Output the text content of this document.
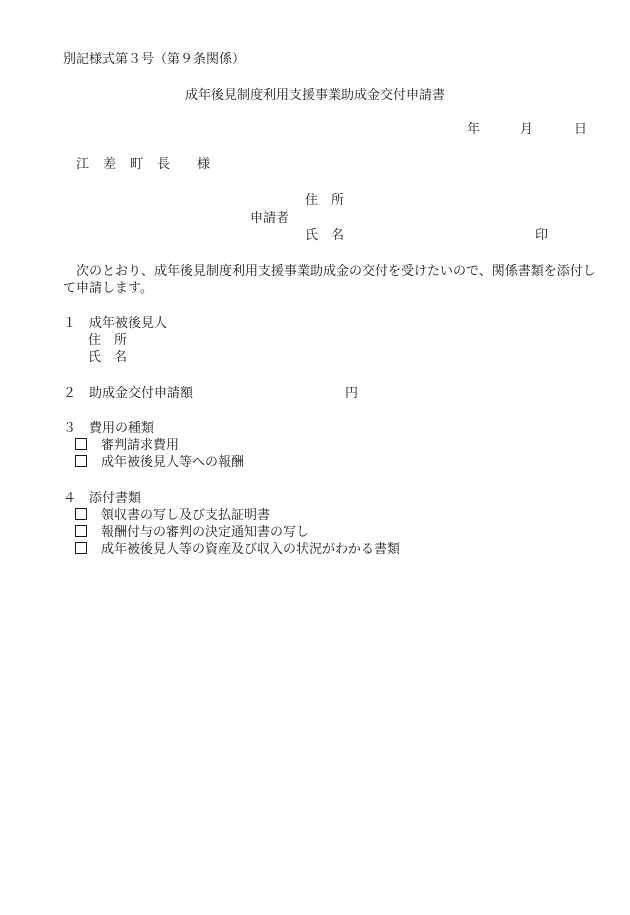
別記様式第３号（第９条関係）
成年後見制度利用支援事業助成金交付申請書
年	月	日
江 差 町 長 様
住　所
申請者
氏　名	印
次のとおり、成年後見制度利用支援事業助成金の交付を受けたいので、関係書類を添付して申請します。
１　成年被後見人
住　所
氏　名
２　助成金交付申請額	円
３　費用の種類
審判請求費用
成年被後見人等への報酬
４　添付書類
領収書の写し及び支払証明書
報酬付与の審判の決定通知書の写し
成年被後見人等の資産及び収入の状況がわかる書類
